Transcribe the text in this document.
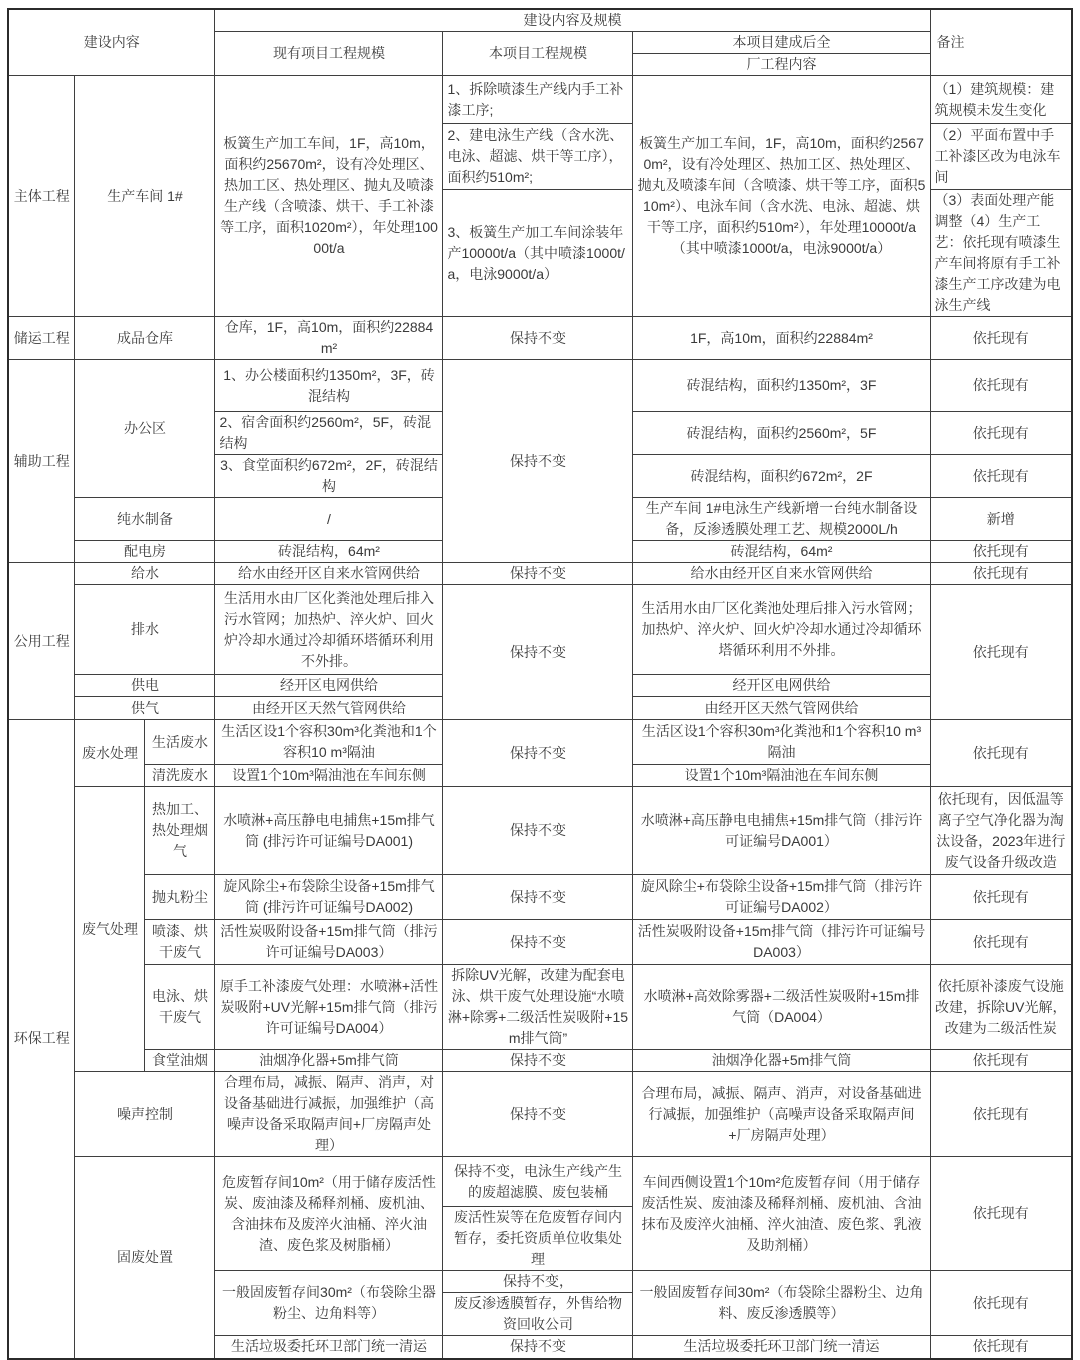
建设内容			建设内容及规模			备注
			现有项目工程规模	本项目工程规模	本项目建成后全	
					厂工程内容	
主体工程	生产车间 1#		板簧生产加工车间，1F，高10m，面积约25670m²，设有冷处理区、热加工区、热处理区、抛丸及喷漆生产线（含喷漆、烘干、手工补漆等工序，面积1020m²），年处理10000t/a	1、拆除喷漆生产线内手工补漆工序;	板簧生产加工车间，1F，高10m，面积约25670m²，设有冷处理区、热加工区、热处理区、抛丸及喷漆车间（含喷漆、烘干等工序，面积510m²）、电泳车间（含水洗、电泳、超滤、烘干等工序，面积约510m²），年处理10000t/a（其中喷漆1000t/a，电泳9000t/a）	（1）建筑规模：建筑规模未发生变化
				2、建电泳生产线（含水洗、电泳、超滤、烘干等工序），面积约510m²;		（2）平面布置中手工补漆区改为电泳车间
				3、板簧生产加工车间涂装年产10000t/a（其中喷漆1000t/a，电泳9000t/a）		（3）表面处理产能调整（4）生产工艺：依托现有喷漆生产车间将原有手工补漆生产工序改建为电泳生产线
储运工程	成品仓库		仓库，1F，高10m，面积约22884m²	保持不变	1F，高10m，面积约22884m²	依托现有
辅助工程	办公区		1、办公楼面积约1350m²，3F，砖混结构	保持不变	砖混结构，面积约1350m²，3F	依托现有
			2、宿舍面积约2560m²，5F，砖混结构		砖混结构，面积约2560m²，5F	依托现有
			3、食堂面积约672m²，2F，砖混结构		砖混结构，面积约672m²，2F	依托现有
	纯水制备		/		生产车间 1#电泳生产线新增一台纯水制备设备，反渗透膜处理工艺、规模2000L/h	新增
	配电房		砖混结构，64m²		砖混结构，64m²	依托现有
公用工程	给水		给水由经开区自来水管网供给	保持不变	给水由经开区自来水管网供给	依托现有
	排水		生活用水由厂区化粪池处理后排入污水管网；加热炉、淬火炉、回火炉冷却水通过冷却循环塔循环利用不外排。	保持不变	生活用水由厂区化粪池处理后排入污水管网；加热炉、淬火炉、回火炉冷却水通过冷却循环塔循环利用不外排。	依托现有
	供电		经开区电网供给		经开区电网供给	
	供气		由经开区天然气管网供给		由经开区天然气管网供给	
环保工程	废水处理	生活废水	生活区设1个容积30m³化粪池和1个容积10 m³隔油	保持不变	生活区设1个容积30m³化粪池和1个容积10 m³隔油	依托现有
		清洗废水	设置1个10m³隔油池在车间东侧		设置1个10m³隔油池在车间东侧	
	废气处理	热加工、热处理烟气	水喷淋+高压静电电捕焦+15m排气筒 (排污许可证编号DA001)	保持不变	水喷淋+高压静电电捕焦+15m排气筒（排污许可证编号DA001）	依托现有，因低温等离子空气净化器为淘汰设备，2023年进行废气设备升级改造
		抛丸粉尘	旋风除尘+布袋除尘设备+15m排气筒 (排污许可证编号DA002)	保持不变	旋风除尘+布袋除尘设备+15m排气筒（排污许可证编号DA002）	依托现有
		喷漆、烘干废气	活性炭吸附设备+15m排气筒（排污许可证编号DA003）	保持不变	活性炭吸附设备+15m排气筒（排污许可证编号DA003）	依托现有
		电泳、烘干废气	原手工补漆废气处理：水喷淋+活性炭吸附+UV光解+15m排气筒（排污许可证编号DA004）	拆除UV光解，改建为配套电泳、烘干废气处理设施“水喷淋+除雾+二级活性炭吸附+15m排气筒”	水喷淋+高效除雾器+二级活性炭吸附+15m排气筒（DA004）	依托原补漆废气设施改建，拆除UV光解，改建为二级活性炭
		食堂油烟	油烟净化器+5m排气筒	保持不变	油烟净化器+5m排气筒	依托现有
	噪声控制		合理布局，减振、隔声、消声，对设备基础进行减振，加强维护（高噪声设备采取隔声间+厂房隔声处理）	保持不变	合理布局，减振、隔声、消声，对设备基础进行减振，加强维护（高噪声设备采取隔声间+厂房隔声处理）	依托现有
	固废处置		危废暂存间10m²（用于储存废活性炭、废油漆及稀释剂桶、废机油、含油抹布及废淬火油桶、淬火油渣、废色浆及树脂桶）	保持不变，电泳生产线产生的废超滤膜、废包装桶	车间西侧设置1个10m²危废暂存间（用于储存废活性炭、废油漆及稀释剂桶、废机油、含油抹布及废淬火油桶、淬火油渣、废色浆、乳液及助剂桶）	依托现有
				废活性炭等在危废暂存间内暂存，委托资质单位收集处理		
			一般固废暂存间30m²（布袋除尘器粉尘、边角料等）	保持不变，	一般固废暂存间30m²（布袋除尘器粉尘、边角料、废反渗透膜等）	依托现有
				废反渗透膜暂存，外售给物资回收公司		
			生活垃圾委托环卫部门统一清运	保持不变	生活垃圾委托环卫部门统一清运	依托现有
